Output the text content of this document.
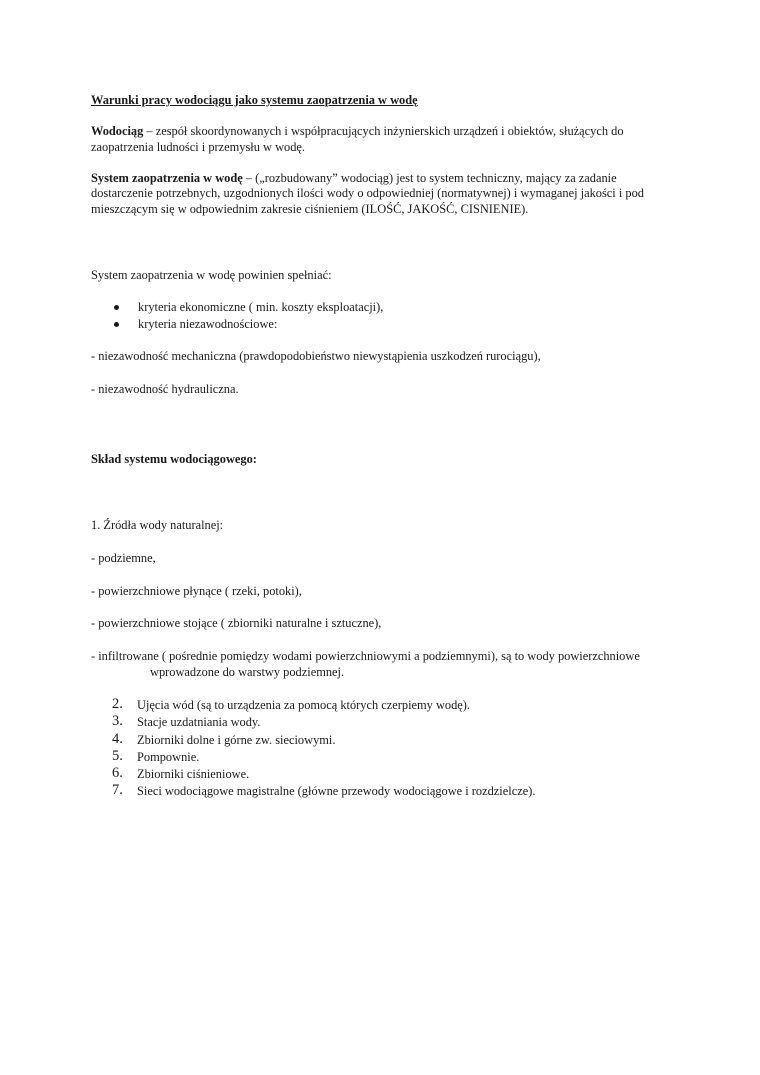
Warunki pracy wodociągu jako systemu zaopatrzenia w wodę
Wodociąg – zespół skoordynowanych i współpracujących inżynierskich urządzeń i obiektów, służących do
zaopatrzenia ludności i przemysłu w wodę.
System zaopatrzenia w wodę – („rozbudowany” wodociąg) jest to system techniczny, mający za zadanie
dostarczenie potrzebnych, uzgodnionych ilości wody o odpowiedniej (normatywnej) i wymaganej jakości i pod
mieszczącym się w odpowiednim zakresie ciśnieniem (ILOŚĆ, JAKOŚĆ, CISNIENIE).
System zaopatrzenia w wodę powinien spełniać:
kryteria ekonomiczne ( min. koszty eksploatacji),
kryteria niezawodnościowe:
- niezawodność mechaniczna (prawdopodobieństwo niewystąpienia uszkodzeń rurociągu),
- niezawodność hydrauliczna.
Skład systemu wodociągowego:
1. Źródła wody naturalnej:
- podziemne,
- powierzchniowe płynące ( rzeki, potoki),
- powierzchniowe stojące ( zbiorniki naturalne i sztuczne),
- infiltrowane ( pośrednie pomiędzy wodami powierzchniowymi a podziemnymi), są to wody powierzchniowe
wprowadzone do warstwy podziemnej.
2.	Ujęcia wód (są to urządzenia za pomocą których czerpiemy wodę).
3.	Stacje uzdatniania wody.
4.	Zbiorniki dolne i górne zw. sieciowymi.
5.	Pompownie.
6.	Zbiorniki ciśnieniowe.
7.	Sieci wodociągowe magistralne (główne przewody wodociągowe i rozdzielcze).
